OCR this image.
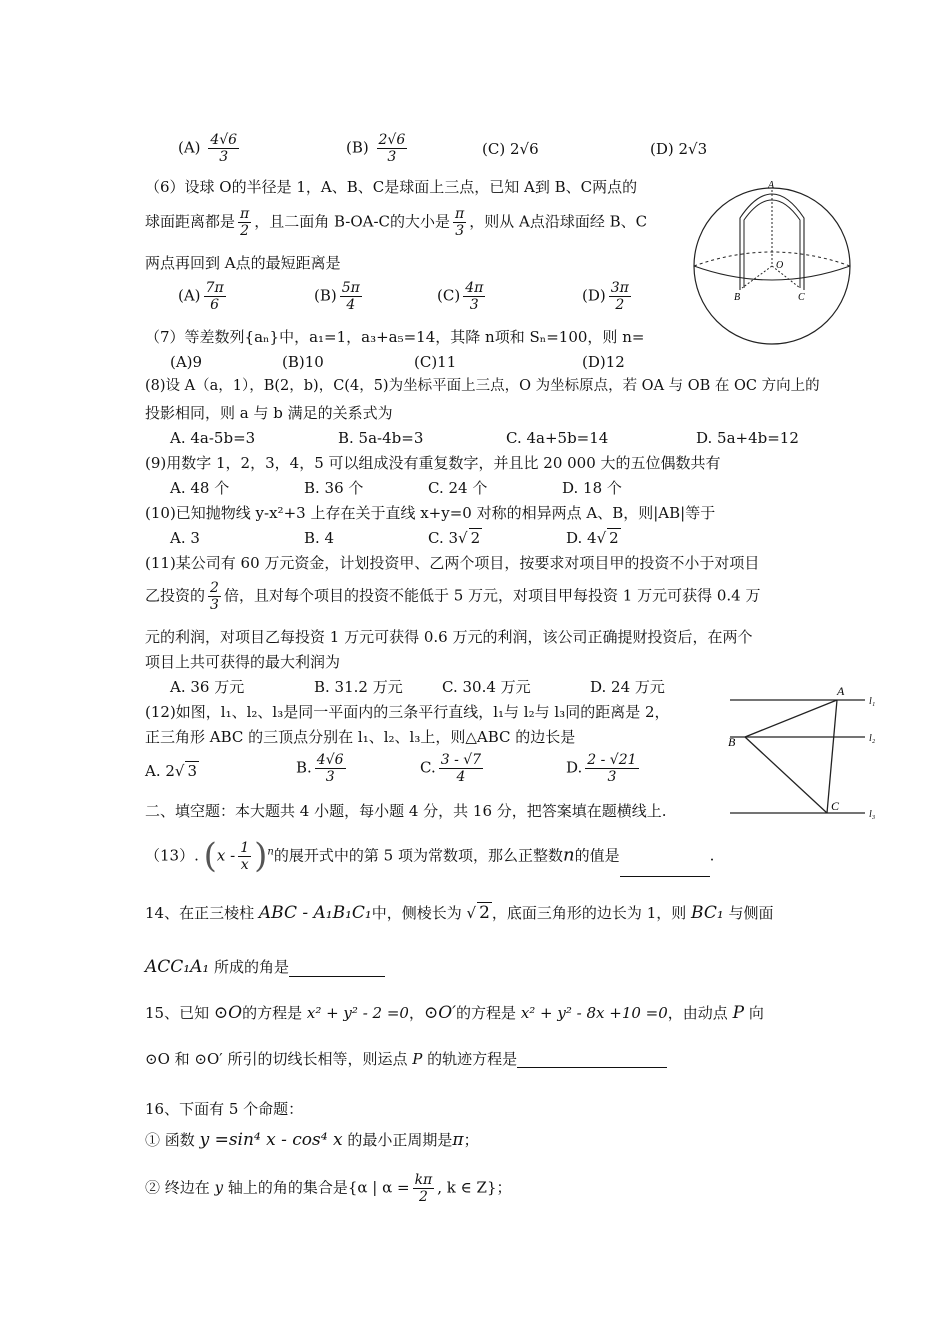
$(A) \frac{4√6}{3}$	$(B) \frac{2√6}{3}$	(C) 2√6	(D) 2√3
（6）设球 O的半径是 1，A、B、C是球面上三点，已知 A到 B、C两点的
球面距离都是 $\frac{\pi}{2}$ ，且二面角 B-OA-C的大小是 $\frac{\pi}{3}$ ，则从 A点沿球面经 B、C
两点再回到 A点的最短距离是
$(A) \frac{7\pi}{6}$	$(B) \frac{5\pi}{4}$	$(C) \frac{4\pi}{3}$	$(D) \frac{3\pi}{2}$
A
O
B	C
（7）等差数列{aₙ}中，a₁=1，a₃+a₅=14，其降 n项和 Sₙ=100，则 n=
(A)9	(B)10	(C)11	(D)12
(8)设 A（a，1），B(2，b)，C(4，5)为坐标平面上三点，O 为坐标原点，若 OA 与 OB 在 OC 方向上的
投影相同，则 a 与 b 满足的关系式为
A. 4a-5b=3	B. 5a-4b=3	C. 4a+5b=14	D. 5a+4b=12
(9)用数字 1，2，3，4，5 可以组成没有重复数字，并且比 20 000 大的五位偶数共有
A. 48 个	B. 36 个	C. 24 个	D. 18 个
(10)已知抛物线 y-x²+3 上存在关于直线 x+y=0 对称的相异两点 A、B，则|AB|等于
A. 3	B. 4	C. 3√ 2	D. 4√ 2
(11)某公司有 60 万元资金，计划投资甲、乙两个项目，按要求对项目甲的投资不小于对项目
乙投资的 $\frac{2}{3}$ 倍，且对每个项目的投资不能低于 5 万元，对项目甲每投资 1 万元可获得 0.4 万
元的利润，对项目乙每投资 1 万元可获得 0.6 万元的利润，该公司正确提财投资后，在两个
项目上共可获得的最大利润为
A. 36 万元	B. 31.2 万元	C. 30.4 万元	D. 24 万元
(12)如图，l₁、l₂、l₃是同一平面内的三条平行直线，l₁与 l₂与 l₃同的距离是 2，
正三角形 ABC 的三顶点分别在 l₁、l₂、l₃上，则△ABC 的边长是
A. 2√ 3	B. $\frac{4√6}{3}$	C. $\frac{3 - √7}{4}$	D. $\frac{2 - √21}{3}$
A
B
C
l₁
l₂
l₃
二、填空题：本大题共 4 小题，每小题 4 分，共 16 分，把答案填在题横线上.
（13）. $(x - \frac{1}{x} )^n$的展开式中的第 5 项为常数项，那么正整数n的值是	.
14、在正三棱柱 ABC - A₁B₁C₁中，侧棱长为 √ 2 ，底面三角形的边长为 1，则 BC₁ 与侧面
ACC₁A₁ 所成的角是
15、已知 ⊙O的方程是 x² + y² - 2 =0，⊙O′的方程是 x² + y² - 8x +10 =0，由动点 P 向
⊙O 和 ⊙O′ 所引的切线长相等，则运点 P 的轨迹方程是
16、下面有 5 个命题：
① 函数 y =sin⁴ x - cos⁴ x 的最小正周期是π；
② 终边在 y 轴上的角的集合是{α | $\alpha = \frac{k\pi}{2}$ , k ∈ Z}；
